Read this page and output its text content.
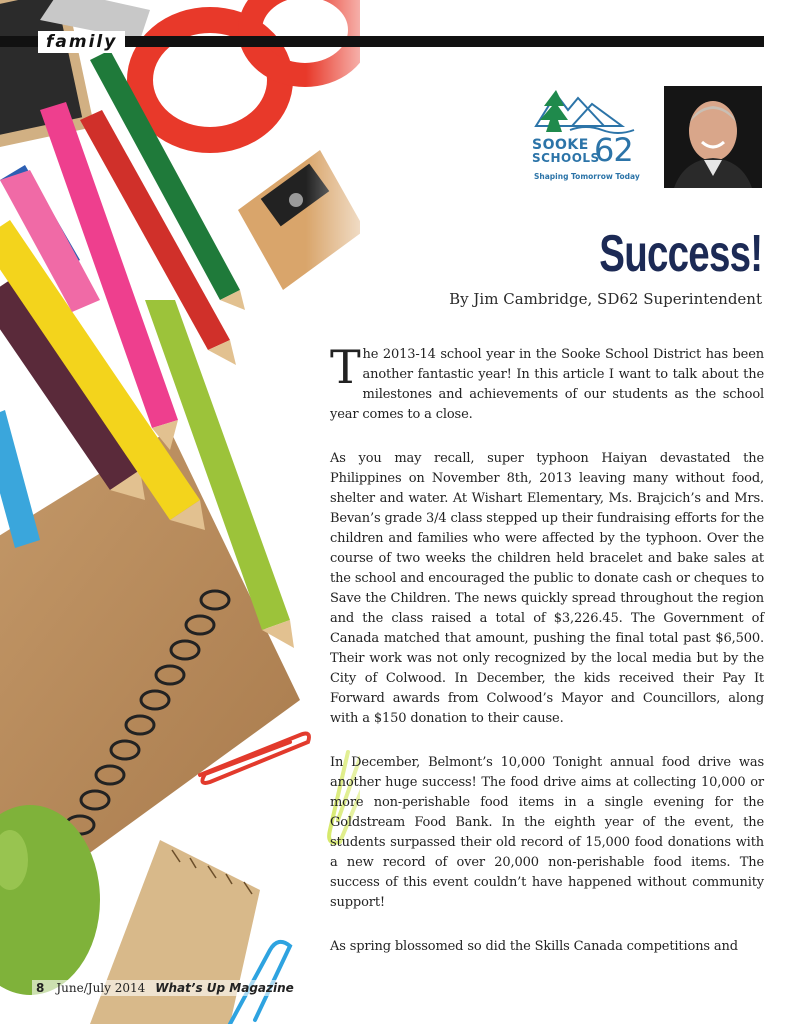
family
SOOKE
SCHOOLS
62
Shaping Tomorrow Today
Success!

By Jim Cambridge, SD62 Superintendent

The 2013-14 school year in the Sooke School District has been another fantastic year! In this article I want to talk about the milestones and achievements of our students as the school year comes to a close.

As you may recall, super typhoon Haiyan devastated the Philippines on November 8th, 2013 leaving many without food, shelter and water. At Wishart Elementary, Ms. Brajcich’s and Mrs. Bevan’s grade 3/4 class stepped up their fundraising efforts for the children and families who were affected by the typhoon. Over the course of two weeks the children held bracelet and bake sales at the school and encouraged the public to donate cash or cheques to Save the Children. The news quickly spread throughout the region and the class raised a total of $3,226.45. The Government of Canada matched that amount, pushing the final total past $6,500. Their work was not only recognized by the local media but by the City of Colwood. In December, the kids received their Pay It Forward awards from Colwood’s Mayor and Councillors, along with a $150 donation to their cause.

In December, Belmont’s 10,000 Tonight annual food drive was another huge success! The food drive aims at collecting 10,000 or more non-perishable food items in a single evening for the Goldstream Food Bank. In the eighth year of the event, the students surpassed their old record of 15,000 food donations with a new record of over 20,000 non-perishable food items. The success of this event couldn’t have happened without community support!

As spring blossomed so did the Skills Canada competitions and

8 June/July 2014 What’s Up Magazine
